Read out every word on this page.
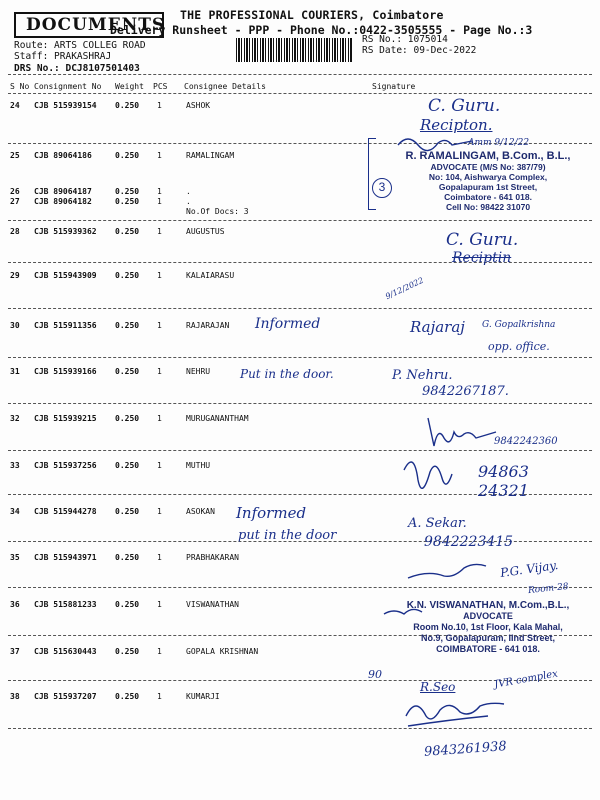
DOCUMENTS THE PROFESSIONAL COURIERS, Coimbatore
Delivery Runsheet - PPP - Phone No.:0422-3505555 - Page No.:3
Route: ARTS COLLEG ROAD
Staff: PRAKASHRAJ
DRS No.: DCJ8107501403
RS No.: 1075014
RS Date: 09-Dec-2022
S No Consignment No Weight PCS Consignee Details	Signature
24 CJB 515939154 0.250 1	ASHOK
25 CJB 89064186	0.250 1	RAMALINGAM
26 CJB 89064187	0.250 1	.
27 CJB 89064182	0.250 1	.
28 CJB 515939362 0.250 1	AUGUSTUS
29 CJB 515943909 0.250 1	KALAIARASU
30 CJB 515911356 0.250 1	RAJARAJAN
31 CJB 515939166 0.250 1	NEHRU
32 CJB 515939215 0.250 1	MURUGANANTHAM
33 CJB 515937256 0.250 1	MUTHU
34 CJB 515944278 0.250 1	ASOKAN
35 CJB 515943971 0.250 1	PRABHAKARAN
36 CJB 515881233 0.250 1	VISWANATHAN
37 CJB 515630443 0.250 1	GOPALA KRISHNAN
38 CJB 515937207 0.250 1	KUMARJI
No.Of Docs: 3
3
R. RAMALINGAM, B.Com., B.L.,
ADVOCATE (M/S No: 387/79)
No: 104, Aishwarya Complex,
Gopalapuram 1st Street,
Coimbatore - 641 018.
Cell No: 98422 31070
K.N. VISWANATHAN, M.Com.,B.L.,
ADVOCATE
Room No.10, 1st Floor, Kala Mahal,
No.9, Gopalapuram, IInd Street,
COIMBATORE - 641 018.
C. Guru.
Recipton.
Amm 9/12/22
C. Guru.
Reciptin
9/12/2022
Informed	Rajaraj G. Gopalkrishna
opp. office.
Put in the door.	P. Nehru.
9842267187.
9842242360
94863 24321
Informed
put in the door
A. Sekar.
9842223415
P.G. Vijay.
Room-28
90
R.Seo	JVR complex
9843261938
